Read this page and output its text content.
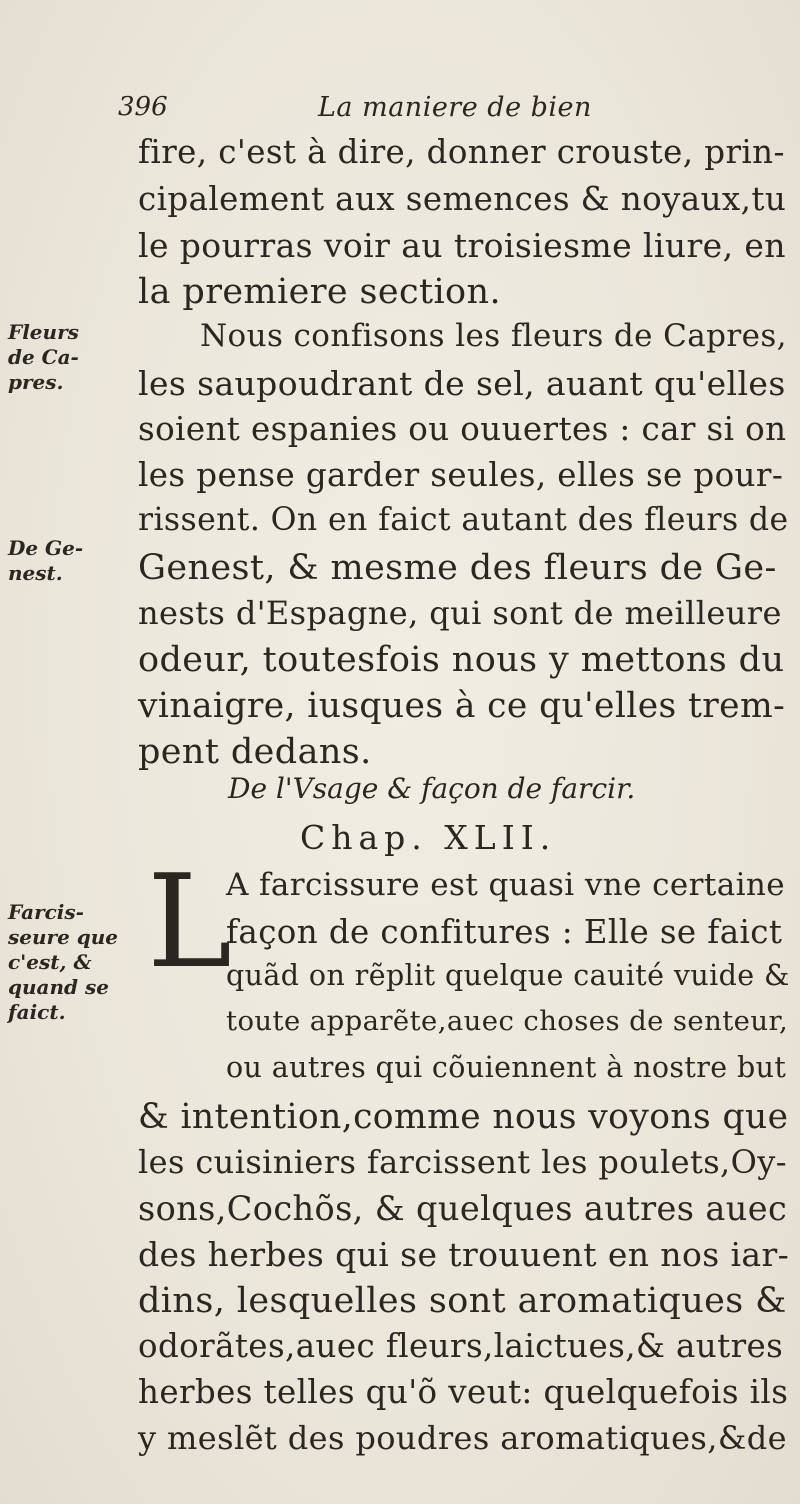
396	La maniere de bien
Fleurs
de Ca-
pres.
De Ge-
nest.
Farcis-
seure que
c'est, &
quand se
faict.
fire, c'est à dire, donner crouste, prin-
cipalement aux semences & noyaux,tu
le pourras voir au troisiesme liure, en
la premiere section.
Nous confisons les fleurs de Capres,
les saupoudrant de sel, auant qu'elles
soient espanies ou ouuertes : car si on
les pense garder seules, elles se pour-
rissent. On en faict autant des fleurs de
Genest, & mesme des fleurs de Ge-
nests d'Espagne, qui sont de meilleure
odeur, toutesfois nous y mettons du
vinaigre, iusques à ce qu'elles trem-
pent dedans.
De l'Vsage & façon de farcir.
Chap. XLII.
L
A farcissure est quasi vne certaine
façon de confitures : Elle se faict
quãd on rẽplit quelque cauité vuide &
toute apparẽte,auec choses de senteur,
ou autres qui cõuiennent à nostre but
& intention,comme nous voyons que
les cuisiniers farcissent les poulets,Oy-
sons,Cochõs, & quelques autres auec
des herbes qui se trouuent en nos iar-
dins, lesquelles sont aromatiques &
odorãtes,auec fleurs,laictues,& autres
herbes telles qu'õ veut: quelquefois ils
y meslẽt des poudres aromatiques,&de
